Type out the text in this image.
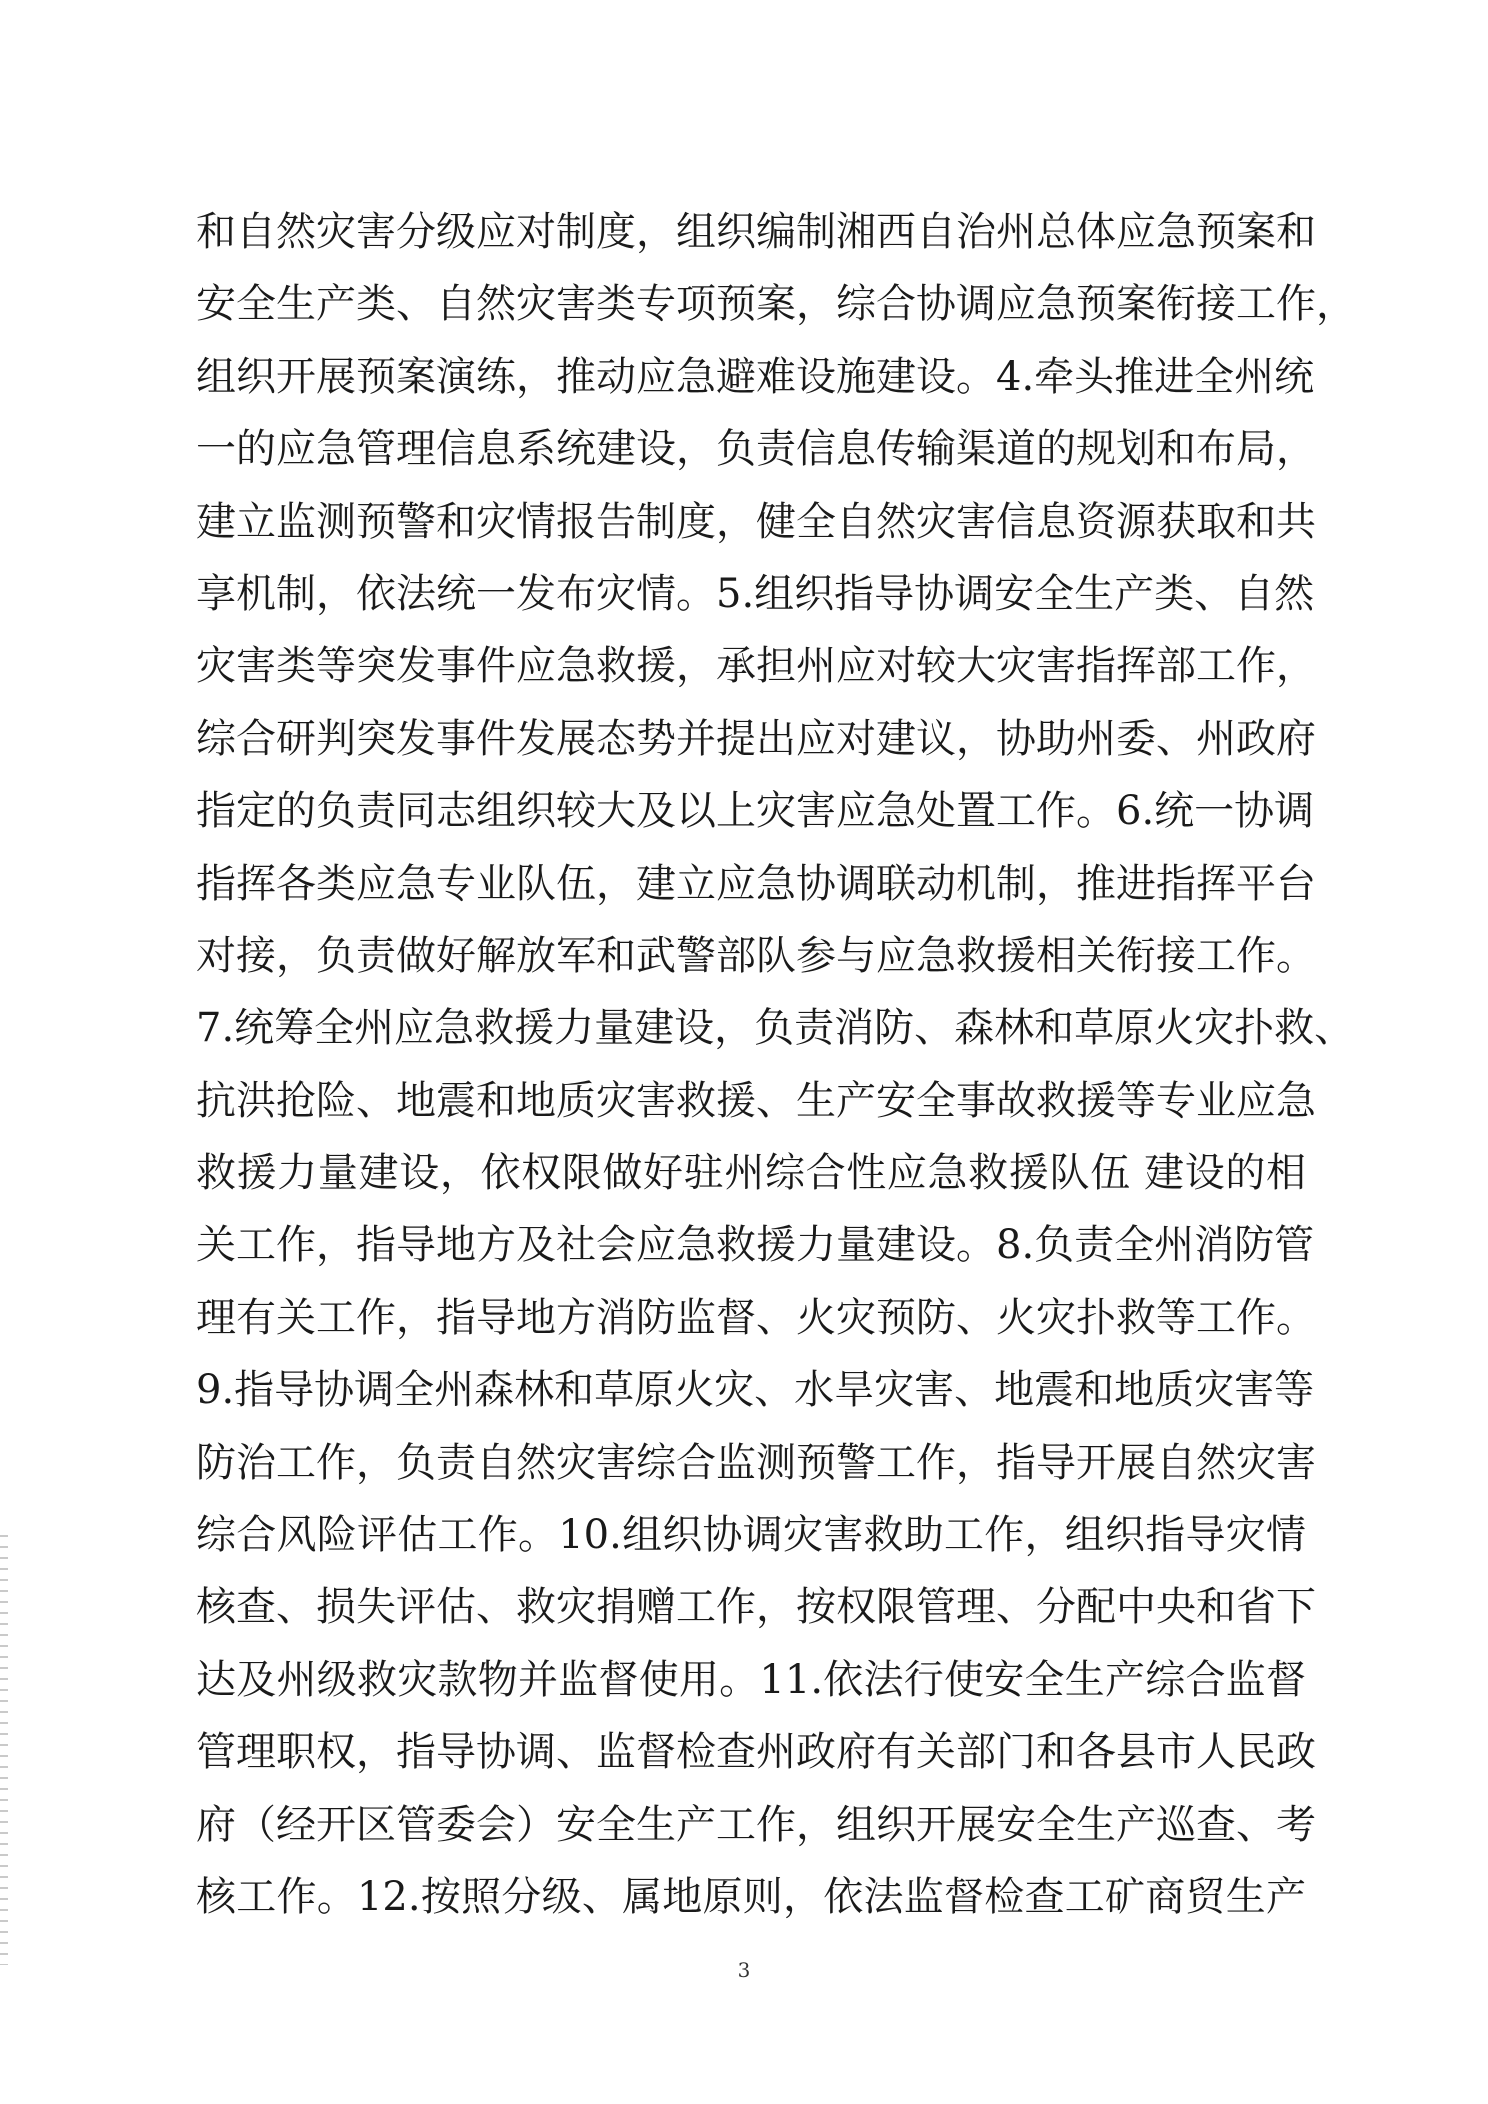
和自然灾害分级应对制度，组织编制湘西自治州总体应急预案和
安全生产类、自然灾害类专项预案，综合协调应急预案衔接工作，
组织开展预案演练，推动应急避难设施建设。4.牵头推进全州统
一的应急管理信息系统建设，负责信息传输渠道的规划和布局，
建立监测预警和灾情报告制度，健全自然灾害信息资源获取和共
享机制，依法统一发布灾情。5.组织指导协调安全生产类、自然
灾害类等突发事件应急救援，承担州应对较大灾害指挥部工作，
综合研判突发事件发展态势并提出应对建议，协助州委、州政府
指定的负责同志组织较大及以上灾害应急处置工作。6.统一协调
指挥各类应急专业队伍，建立应急协调联动机制，推进指挥平台
对接，负责做好解放军和武警部队参与应急救援相关衔接工作。
7.统筹全州应急救援力量建设，负责消防、森林和草原火灾扑救、
抗洪抢险、地震和地质灾害救援、生产安全事故救援等专业应急
救援力量建设，依权限做好驻州综合性应急救援队伍 建设的相
关工作，指导地方及社会应急救援力量建设。8.负责全州消防管
理有关工作，指导地方消防监督、火灾预防、火灾扑救等工作。
9.指导协调全州森林和草原火灾、水旱灾害、地震和地质灾害等
防治工作，负责自然灾害综合监测预警工作，指导开展自然灾害
综合风险评估工作。10.组织协调灾害救助工作，组织指导灾情
核查、损失评估、救灾捐赠工作，按权限管理、分配中央和省下
达及州级救灾款物并监督使用。11.依法行使安全生产综合监督
管理职权，指导协调、监督检查州政府有关部门和各县市人民政
府（经开区管委会）安全生产工作，组织开展安全生产巡查、考
核工作。12.按照分级、属地原则，依法监督检查工矿商贸生产
3
